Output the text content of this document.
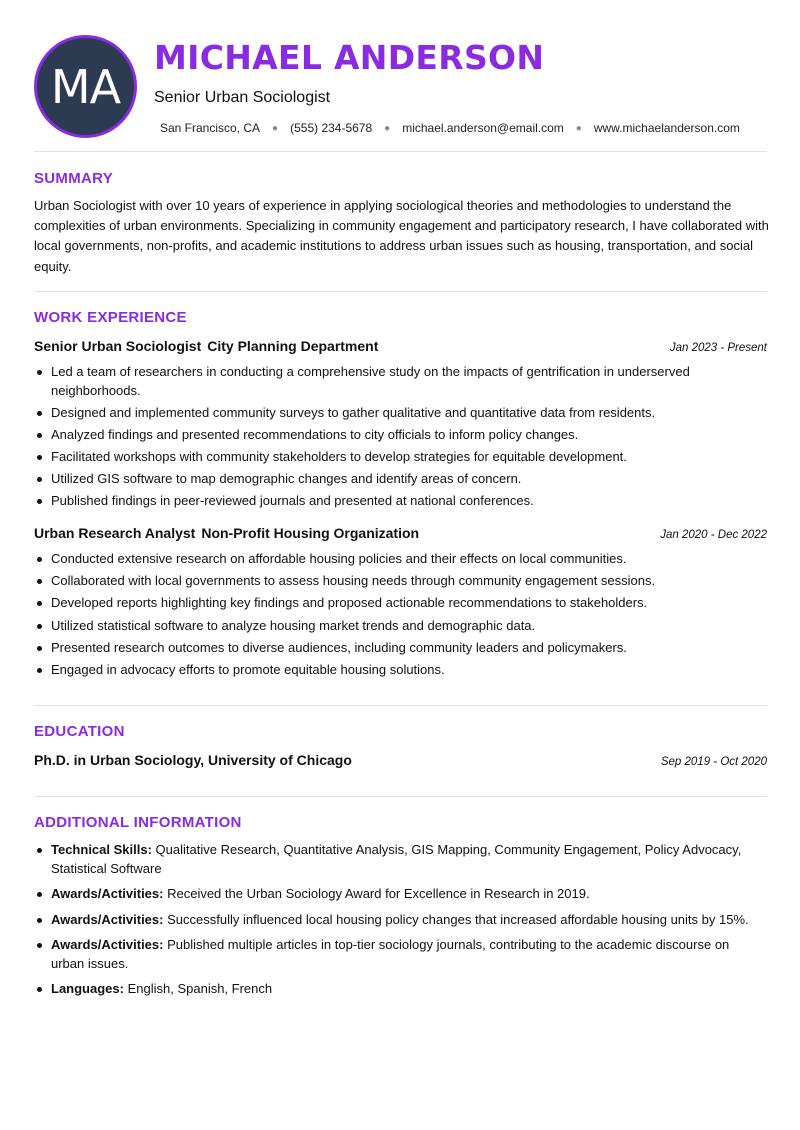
MA
MICHAEL ANDERSON
Senior Urban Sociologist
San Francisco, CA ● (555) 234-5678 ● michael.anderson@email.com ● www.michaelanderson.com
SUMMARY
Urban Sociologist with over 10 years of experience in applying sociological theories and methodologies to understand the complexities of urban environments. Specializing in community engagement and participatory research, I have collaborated with local governments, non-profits, and academic institutions to address urban issues such as housing, transportation, and social equity.
WORK EXPERIENCE
Senior Urban Sociologist City Planning Department	Jan 2023 - Present
Led a team of researchers in conducting a comprehensive study on the impacts of gentrification in underserved neighborhoods.
Designed and implemented community surveys to gather qualitative and quantitative data from residents.
Analyzed findings and presented recommendations to city officials to inform policy changes.
Facilitated workshops with community stakeholders to develop strategies for equitable development.
Utilized GIS software to map demographic changes and identify areas of concern.
Published findings in peer-reviewed journals and presented at national conferences.
Urban Research Analyst Non-Profit Housing Organization	Jan 2020 - Dec 2022
Conducted extensive research on affordable housing policies and their effects on local communities.
Collaborated with local governments to assess housing needs through community engagement sessions.
Developed reports highlighting key findings and proposed actionable recommendations to stakeholders.
Utilized statistical software to analyze housing market trends and demographic data.
Presented research outcomes to diverse audiences, including community leaders and policymakers.
Engaged in advocacy efforts to promote equitable housing solutions.
EDUCATION
Ph.D. in Urban Sociology, University of Chicago	Sep 2019 - Oct 2020
ADDITIONAL INFORMATION
Technical Skills: Qualitative Research, Quantitative Analysis, GIS Mapping, Community Engagement, Policy Advocacy, Statistical Software
Awards/Activities: Received the Urban Sociology Award for Excellence in Research in 2019.
Awards/Activities: Successfully influenced local housing policy changes that increased affordable housing units by 15%.
Awards/Activities: Published multiple articles in top-tier sociology journals, contributing to the academic discourse on urban issues.
Languages: English, Spanish, French
